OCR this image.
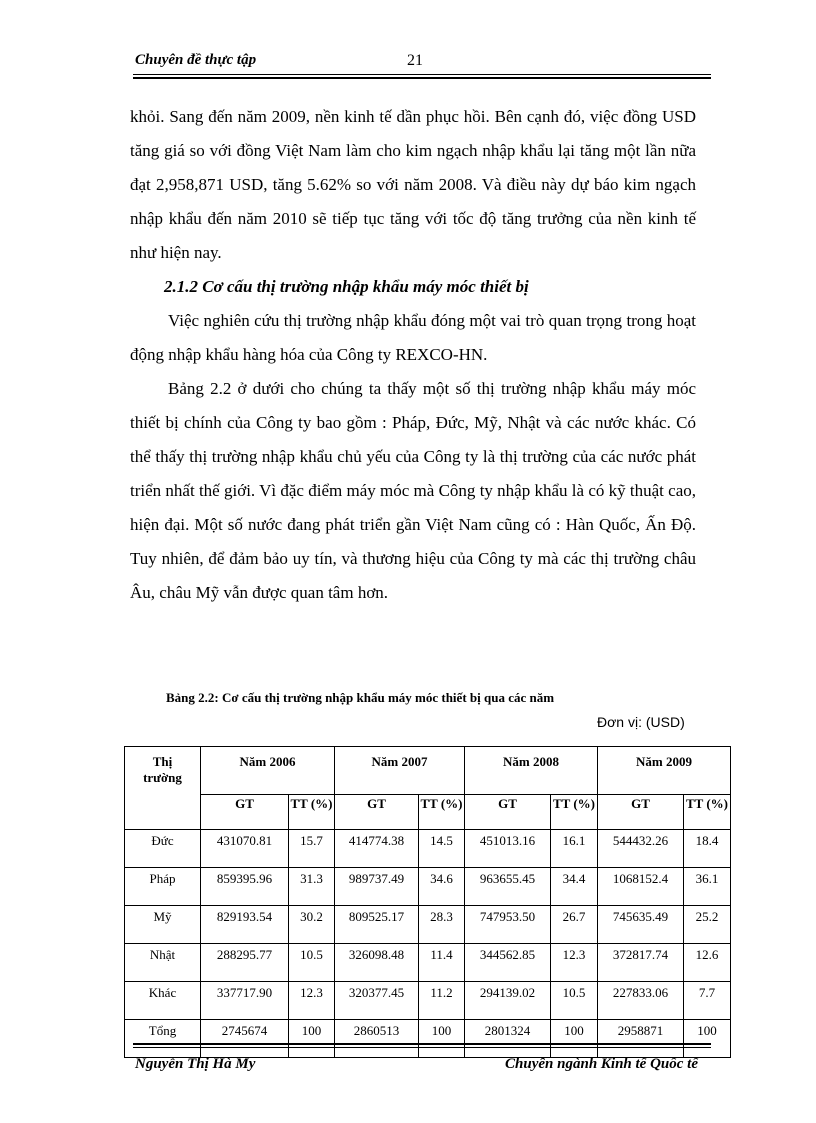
Chuyên đề thực tập	21

khỏi. Sang đến năm 2009, nền kinh tế dần phục hồi. Bên cạnh đó, việc đồng USD tăng giá so với đồng Việt Nam làm cho kim ngạch nhập khẩu lại tăng một lần nữa đạt 2,958,871 USD, tăng 5.62% so với năm 2008. Và điều này dự báo kim ngạch nhập khẩu đến năm 2010 sẽ tiếp tục tăng với tốc độ tăng trưởng của nền kinh tế như hiện nay.

2.1.2 Cơ cấu thị trường nhập khẩu máy móc thiết bị

Việc nghiên cứu thị trường nhập khẩu đóng một vai trò quan trọng trong hoạt động nhập khẩu hàng hóa của Công ty REXCO-HN.

Bảng 2.2 ở dưới cho chúng ta thấy một số thị trường nhập khẩu máy móc thiết bị chính của Công ty bao gồm : Pháp, Đức, Mỹ, Nhật và các nước khác. Có thể thấy thị trường nhập khẩu chủ yếu của Công ty là thị trường của các nước phát triển nhất thế giới. Vì đặc điểm máy móc mà Công ty nhập khẩu là có kỹ thuật cao, hiện đại. Một số nước đang phát triển gần Việt Nam cũng có : Hàn Quốc, Ấn Độ. Tuy nhiên, để đảm bảo uy tín, và thương hiệu của Công ty mà các thị trường châu Âu, châu Mỹ vẫn được quan tâm hơn.

Bảng 2.2: Cơ cấu thị trường nhập khẩu máy móc thiết bị qua các năm
Đơn vị: (USD)
Thị trường	Năm 2006		Năm 2007		Năm 2008		Năm 2009	
	GT	TT (%)	GT	TT (%)	GT	TT (%)	GT	TT (%)
Đức	431070.81	15.7	414774.38	14.5	451013.16	16.1	544432.26	18.4
Pháp	859395.96	31.3	989737.49	34.6	963655.45	34.4	1068152.4	36.1
Mỹ	829193.54	30.2	809525.17	28.3	747953.50	26.7	745635.49	25.2
Nhật	288295.77	10.5	326098.48	11.4	344562.85	12.3	372817.74	12.6
Khác	337717.90	12.3	320377.45	11.2	294139.02	10.5	227833.06	7.7
Tổng	2745674	100	2860513	100	2801324	100	2958871	100
Nguyễn Thị Hà My	Chuyên ngành Kinh tế Quốc tế
